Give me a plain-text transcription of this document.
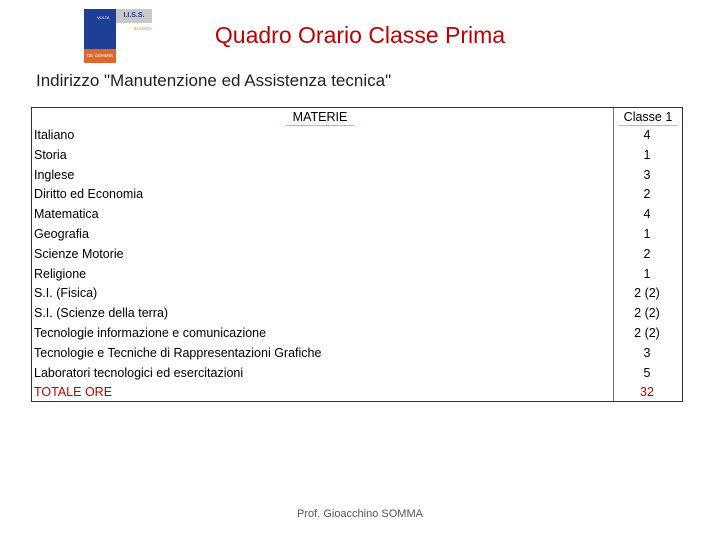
VOLTA	I.I.S.S.
BITONTO
DE GEMMIS
Quadro Orario Classe Prima
Indirizzo "Manutenzione ed Assistenza tecnica"
MATERIE	Classe 1
Italiano
Storia
Inglese
Diritto ed Economia
Matematica
Geografia
Scienze Motorie
Religione
S.I. (Fisica)
S.I. (Scienze della terra)
Tecnologie informazione e comunicazione
Tecnologie e Tecniche di Rappresentazioni Grafiche
Laboratori tecnologici ed esercitazioni
TOTALE ORE
4
1
3
2
4
1
2
1
2 (2)
2 (2)
2 (2)
3
5
32
Prof. Gioacchino SOMMA
